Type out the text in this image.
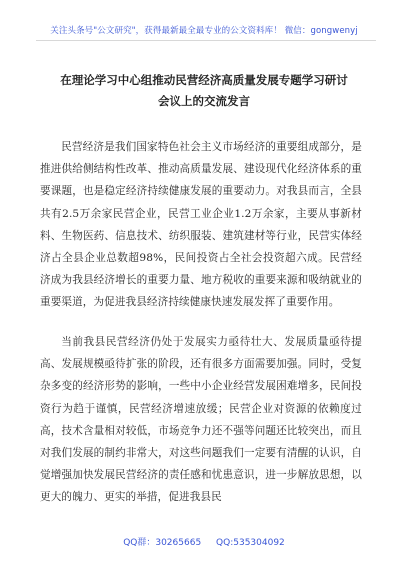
关注头条号"公文研究"，获得最新最全最专业的公文资料库！ 微信：gongwenyj
在理论学习中心组推动民营经济高质量发展专题学习研讨
会议上的交流发言
民营经济是我们国家特色社会主义市场经济的重要组成部分，是推进供给侧结构性改革、推动高质量发展、建设现代化经济体系的重要课题，也是稳定经济持续健康发展的重要动力。对我县而言，全县共有2.5万余家民营企业，民营工业企业1.2万余家，主要从事新材料、生物医药、信息技术、纺织服装、建筑建材等行业，民营实体经济占全县企业总数超98%，民间投资占全社会投资超六成。民营经济成为我县经济增长的重要力量、地方税收的重要来源和吸纳就业的重要渠道，为促进我县经济持续健康快速发展发挥了重要作用。
当前我县民营经济仍处于发展实力亟待壮大、发展质量亟待提高、发展规模亟待扩张的阶段，还有很多方面需要加强。同时，受复杂多变的经济形势的影响，一些中小企业经营发展困难增多，民间投资行为趋于谨慎，民营经济增速放缓；民营企业对资源的依赖度过高，技术含量相对较低，市场竞争力还不强等问题还比较突出，而且对我们发展的制约非常大，对这些问题我们一定要有清醒的认识，自觉增强加快发展民营经济的责任感和忧患意识，进一步解放思想，以更大的魄力、更实的举措，促进我县民
QQ群：30265665 QQ:535304092
